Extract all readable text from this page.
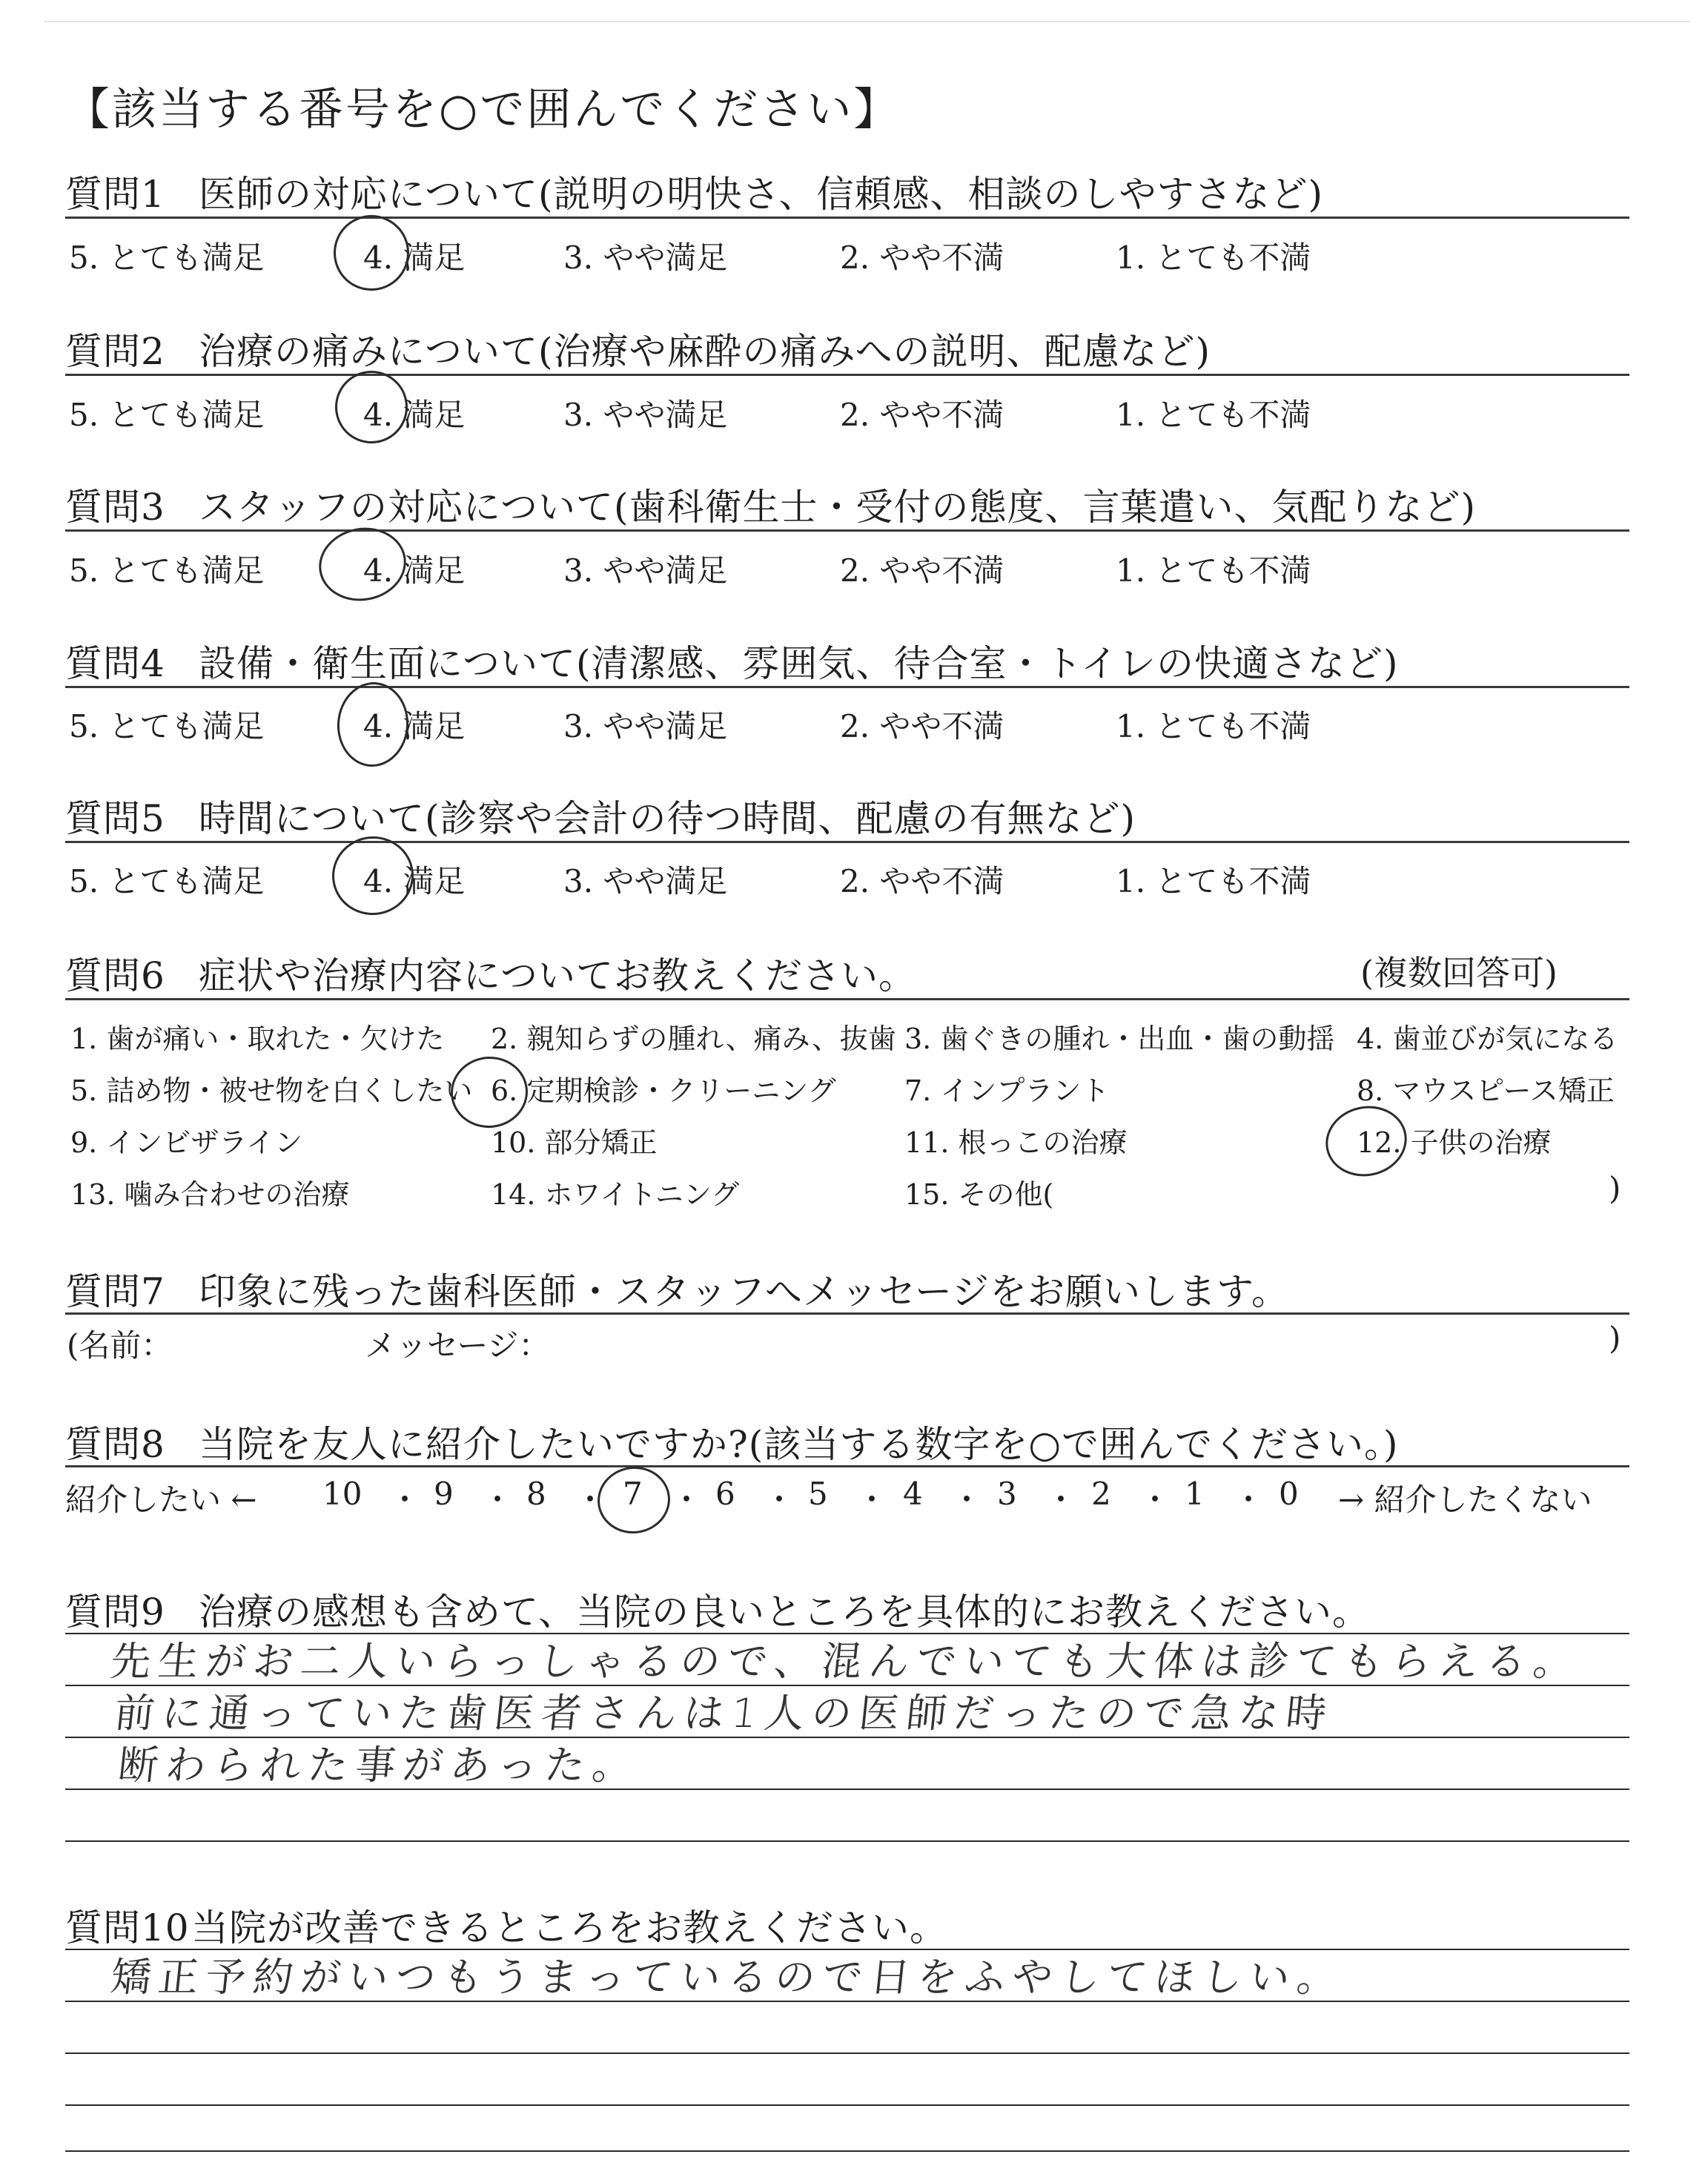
【該当する番号を○で囲んでください】
質問1 医師の対応について(説明の明快さ、信頼感、相談のしやすさなど)
5. とても満足	4. 満足	3. やや満足	2. やや不満	1. とても不満
質問2 治療の痛みについて(治療や麻酔の痛みへの説明、配慮など)
5. とても満足	4. 満足	3. やや満足	2. やや不満	1. とても不満
質問3 スタッフの対応について(歯科衛生士・受付の態度、言葉遣い、気配りなど)
5. とても満足	4. 満足	3. やや満足	2. やや不満	1. とても不満
質問4 設備・衛生面について(清潔感、雰囲気、待合室・トイレの快適さなど)
5. とても満足	4. 満足	3. やや満足	2. やや不満	1. とても不満
質問5 時間について(診察や会計の待つ時間、配慮の有無など)
5. とても満足	4. 満足	3. やや満足	2. やや不満	1. とても不満
質問6 症状や治療内容についてお教えください。	(複数回答可)
1. 歯が痛い・取れた・欠けた 2. 親知らずの腫れ、痛み、抜歯 3. 歯ぐきの腫れ・出血・歯の動揺 4. 歯並びが気になる
5. 詰め物・被せ物を白くしたい 6. 定期検診・クリーニング 7. インプラント	8. マウスピース矯正
9. インビザライン	10. 部分矯正	11. 根っこの治療	12. 子供の治療
13. 噛み合わせの治療	14. ホワイトニング	15. その他(	)
質問7 印象に残った歯科医師・スタッフへメッセージをお願いします。
(名前：	メッセージ：	)
質問8 当院を友人に紹介したいですか?(該当する数字を○で囲んでください。)
紹介したい ← 10 ・ 9 ・ 8 ・ 7 ・ 6 ・ 5 ・ 4 ・ 3 ・ 2 ・ 1 ・ 0 → 紹介したくない
質問9 治療の感想も含めて、当院の良いところを具体的にお教えください。
先生がお二人いらっしゃるので、混んでいても大体は診てもらえる。
前に通っていた歯医者さんは1人の医師だったので急な時
断わられた事があった。
質問10当院が改善できるところをお教えください。
矯正予約がいつもうまっているので日をふやしてほしい。
